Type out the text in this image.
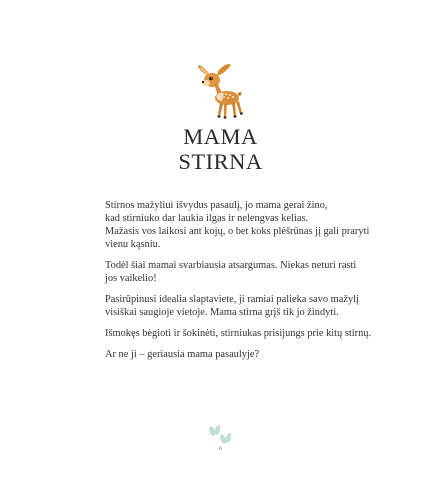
MAMA
STIRNA

Stirnos mažyliui išvydus pasaulį, jo mama gerai žino,
kad stirniuko dar laukia ilgas ir nelengvas kelias.
Mažasis vos laikosi ant kojų, o bet koks plėšrūnas jį gali praryti
vienu kąsniu.

Todėl šiai mamai svarbiausia atsargumas. Niekas neturi rasti
jos vaikelio!

Pasirūpinusi idealia slaptaviete, ji ramiai palieka savo mažylį
visiškai saugioje vietoje. Mama stirna grįš tik jo žindyti.

Išmokęs bėgioti ir šokinėti, stirniukas prisijungs prie kitų stirnų.

Ar ne ji – geriausia mama pasaulyje?

6
